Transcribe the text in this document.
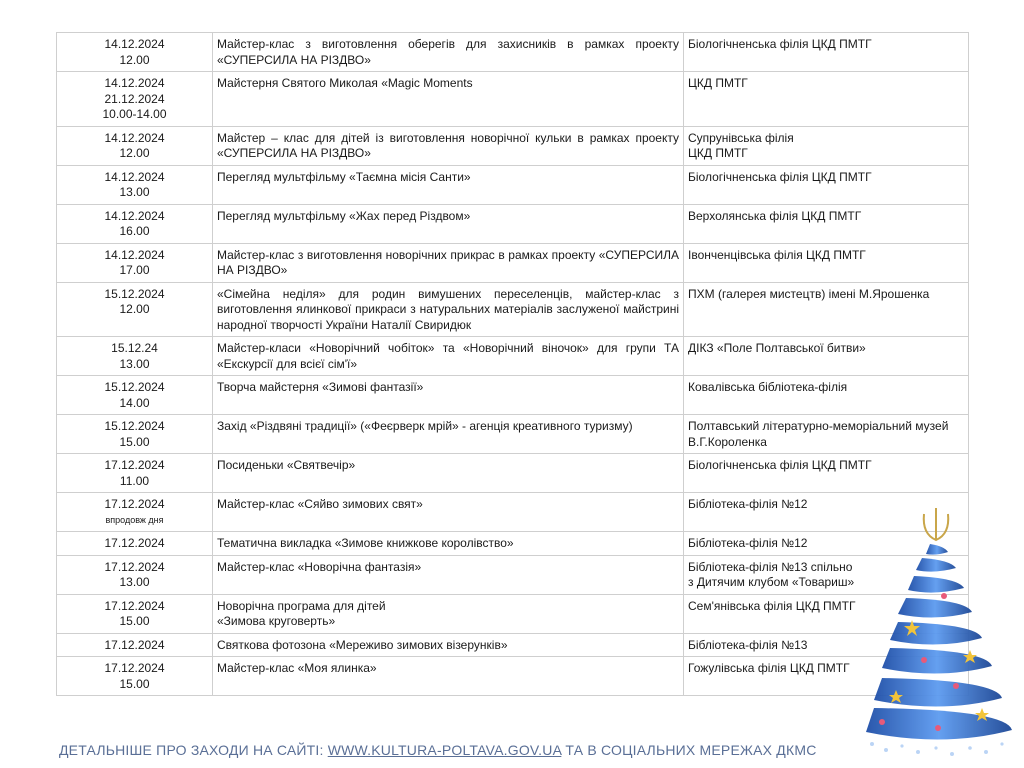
14.12.2024
12.00	Майстер-клас з виготовлення оберегів для захисників в рамках проекту «СУПЕРСИЛА НА РІЗДВО»	Біологічненська філія ЦКД ПМТГ

14.12.2024
21.12.2024
10.00-14.00	Майстерня Святого Миколая «Magic Moments	ЦКД ПМТГ

14.12.2024
12.00	Майстер – клас для дітей із виготовлення новорічної кульки в рамках проекту «СУПЕРСИЛА НА РІЗДВО»	Супрунівська філія
ЦКД ПМТГ

14.12.2024
13.00	Перегляд мультфільму «Таємна місія Санти»	Біологічненська філія ЦКД ПМТГ

14.12.2024
16.00	Перегляд мультфільму «Жах перед Різдвом»	Верхолянська філія ЦКД ПМТГ

14.12.2024
17.00	Майстер-клас з виготовлення новорічних прикрас в рамках проекту «СУПЕРСИЛА НА РІЗДВО»	Івонченцівська філія ЦКД ПМТГ

15.12.2024
12.00	«Сімейна неділя» для родин вимушених переселенців, майстер-клас з виготовлення ялинкової прикраси з натуральних матеріалів заслуженої майстрині народної творчості України Наталії Свиридюк	ПХМ (галерея мистецтв) імені М.Ярошенка

15.12.24
13.00	Майстер-класи «Новорічний чобіток» та «Новорічний віночок» для групи ТА «Екскурсії для всієї сім'ї»	ДІКЗ «Поле Полтавської битви»

15.12.2024
14.00	Творча майстерня «Зимові фантазії»	Ковалівська бібліотека-філія

15.12.2024
15.00	Захід «Різдвяні традиції» («Феєрверк мрій» - агенція креативного туризму)	Полтавський літературно-меморіальний музей В.Г.Короленка

17.12.2024
11.00	Посиденьки «Святвечір»	Біологічненська філія ЦКД ПМТГ

17.12.2024
впродовж дня	Майстер-клас «Сяйво зимових свят»	Бібліотека-філія №12

17.12.2024	Тематична викладка «Зимове книжкове королівство»	Бібліотека-філія №12

17.12.2024
13.00	Майстер-клас «Новорічна фантазія»	Бібліотека-філія №13 спільно
з Дитячим клубом «Товариш»

17.12.2024
15.00	Новорічна програма для дітей
«Зимова круговерть»	Сем'янівська філія ЦКД ПМТГ

17.12.2024	Святкова фотозона «Мереживо зимових візерунків»	Бібліотека-філія №13

17.12.2024
15.00	Майстер-клас «Моя ялинка»	Гожулівська філія ЦКД ПМТГ
ДЕТАЛЬНІШЕ ПРО ЗАХОДИ НА САЙТІ: WWW.KULTURA-POLTAVA.GOV.UA ТА В СОЦІАЛЬНИХ МЕРЕЖАХ ДКМС
